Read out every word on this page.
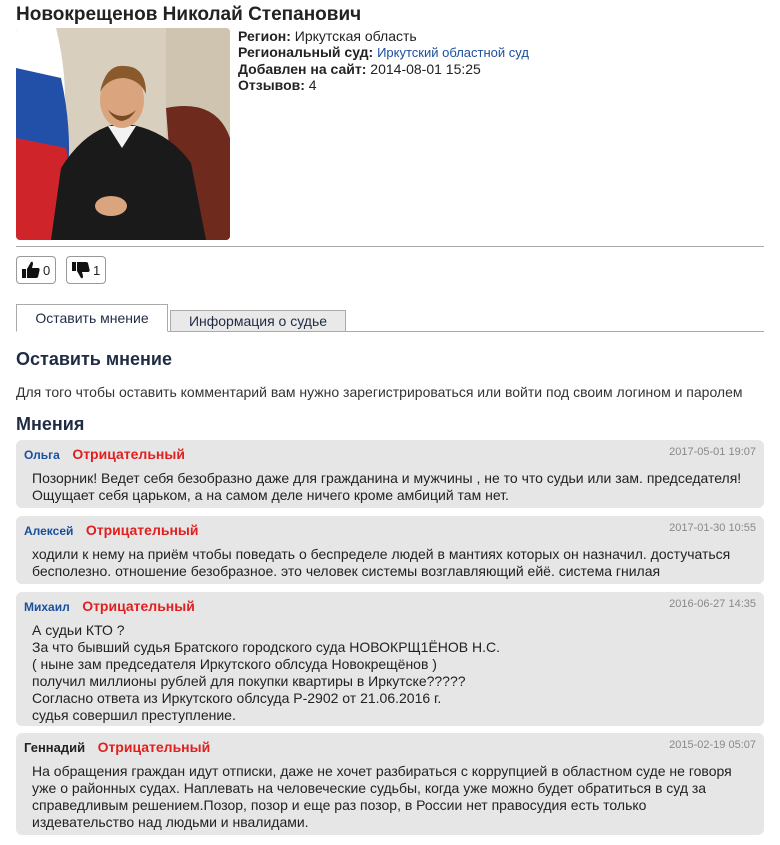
Новокрещенов Николай Степанович
Регион: Иркутская область
Региональный суд: Иркутский областной суд
Добавлен на сайт: 2014-08-01 15:25
Отзывов: 4
0	1
Оставить мнение	Информация о судье
Оставить мнение
Для того чтобы оставить комментарий вам нужно зарегистрироваться или войти под своим логином и паролем
Мнения
Ольга Отрицательный	2017-05-01 19:07
Позорник! Ведет себя безобразно даже для гражданина и мужчины , не то что судьи или зам. председателя!
Ощущает себя царьком, а на самом деле ничего кроме амбиций там нет.
Алексей Отрицательный	2017-01-30 10:55
ходили к нему на приём чтобы поведать о беспределе людей в мантиях которых он назначил. достучаться
бесполезно. отношение безобразное. это человек системы возглавляющий ейё. система гнилая
Михаил Отрицательный	2016-06-27 14:35
А судьи КТО ?
За что бывший судья Братского городского суда НОВОКРЩ1ЁНОВ Н.С.
( ныне зам председателя Иркутского облсуда Новокрещёнов )
получил миллионы рублей для покупки квартиры в Иркутске?????
Согласно ответа из Иркутского облсуда Р-2902 от 21.06.2016 г.
судья совершил преступление.
Геннадий Отрицательный	2015-02-19 05:07
На обращения граждан идут отписки, даже не хочет разбираться с коррупцией в областном суде не говоря
уже о районных судах. Наплевать на человеческие судьбы, когда уже можно будет обратиться в суд за
справедливым решением.Позор, позор и еще раз позор, в России нет правосудия есть только
издевательство над людьми и нвалидами.
